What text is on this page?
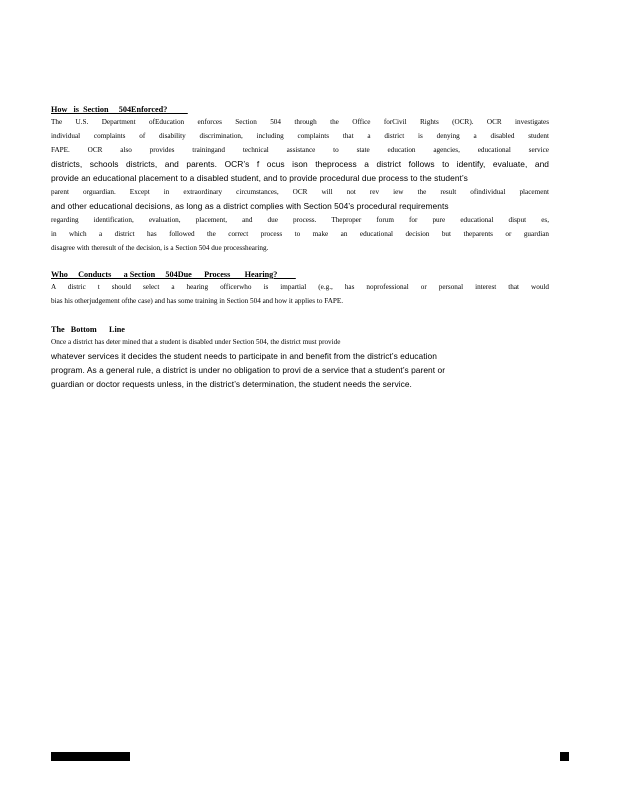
How   is  Section     504Enforced?

The U.S. Department ofEducation enforces Section 504 through the Office forCivil Rights (OCR). OCR investigates

individual complaints of disability discrimination, including complaints that a district is denying a disabled student

FAPE. OCR also provides trainingand technical assistance to state education agencies, educational service

districts, schools districts, and parents. OCR’s f ocus ison theprocess a district follows to identify, evaluate, and

provide an educational placement to a disabled student, and to provide procedural due process to the student’s

parent orguardian. Except in extraordinary circumstances, OCR will not rev iew the result ofindividual placement

and other educational decisions, as long as a district complies with Section 504’s procedural requirements

regarding identification, evaluation, placement, and due process. Theproper forum for pure educational disput es,

in which a district has followed the correct process to make an educational decision but theparents or guardian

disagree with theresult of the decision, is a Section 504 due processhearing.

Who     Conducts      a Section     504Due      Process       Hearing?

A distric t should select a hearing officerwho is impartial (e.g., has noprofessional or personal interest that would

bias his otherjudgement ofthe case) and has some training in Section 504 and how it applies to FAPE.

The   Bottom      Line

Once a district has deter mined that a student is disabled under Section 504, the district must provide

whatever services it decides the student needs to participate in and benefit from the district’s education

program. As a general rule, a district is under no obligation to provi de a service that a student’s parent or

guardian or doctor requests unless, in the district’s determination, the student needs the service.
